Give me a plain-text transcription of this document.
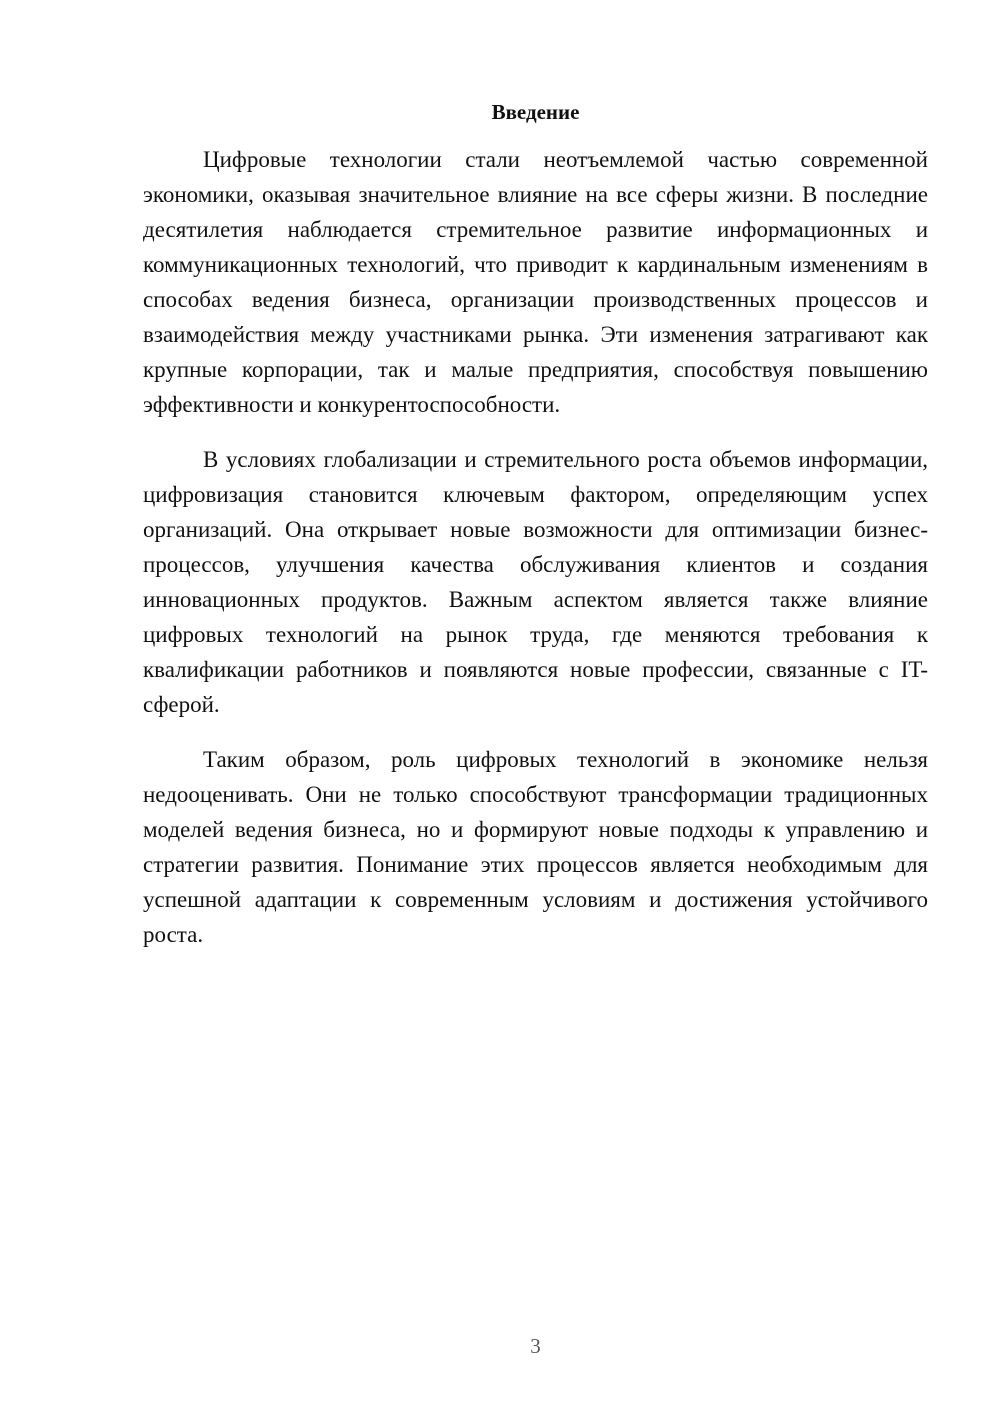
Введение

Цифровые технологии стали неотъемлемой частью современной экономики, оказывая значительное влияние на все сферы жизни. В последние десятилетия наблюдается стремительное развитие информационных и коммуникационных технологий, что приводит к кардинальным изменениям в способах ведения бизнеса, организации производственных процессов и взаимодействия между участниками рынка. Эти изменения затрагивают как крупные корпорации, так и малые предприятия, способствуя повышению эффективности и конкурентоспособности.

В условиях глобализации и стремительного роста объемов информации, цифровизация становится ключевым фактором, определяющим успех организаций. Она открывает новые возможности для оптимизации бизнес-процессов, улучшения качества обслуживания клиентов и создания инновационных продуктов. Важным аспектом является также влияние цифровых технологий на рынок труда, где меняются требования к квалификации работников и появляются новые профессии, связанные с IT-сферой.

Таким образом, роль цифровых технологий в экономике нельзя недооценивать. Они не только способствуют трансформации традиционных моделей ведения бизнеса, но и формируют новые подходы к управлению и стратегии развития. Понимание этих процессов является необходимым для успешной адаптации к современным условиям и достижения устойчивого роста.

3
